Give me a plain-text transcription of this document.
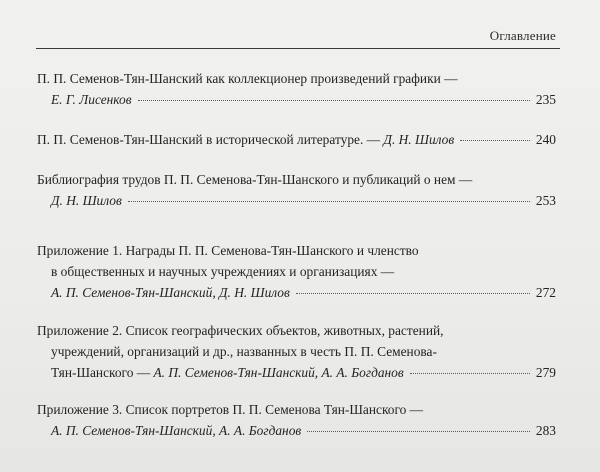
Оглавление
П. П. Семенов-Тян-Шанский как коллекционер произведений графики —
Е. Г. Лисенков	235
П. П. Семенов-Тян-Шанский в исторической литературе. — Д. Н. Шилов	240
Библиография трудов П. П. Семенова-Тян-Шанского и публикаций о нем —
Д. Н. Шилов	253
Приложение 1. Награды П. П. Семенова-Тян-Шанского и членство
в общественных и научных учреждениях и организациях —
А. П. Семенов-Тян-Шанский, Д. Н. Шилов	272
Приложение 2. Список географических объектов, животных, растений,
учреждений, организаций и др., названных в честь П. П. Семенова-
Тян-Шанского — А. П. Семенов-Тян-Шанский, А. А. Богданов	279
Приложение 3. Список портретов П. П. Семенова Тян-Шанского —
А. П. Семенов-Тян-Шанский, А. А. Богданов	283
